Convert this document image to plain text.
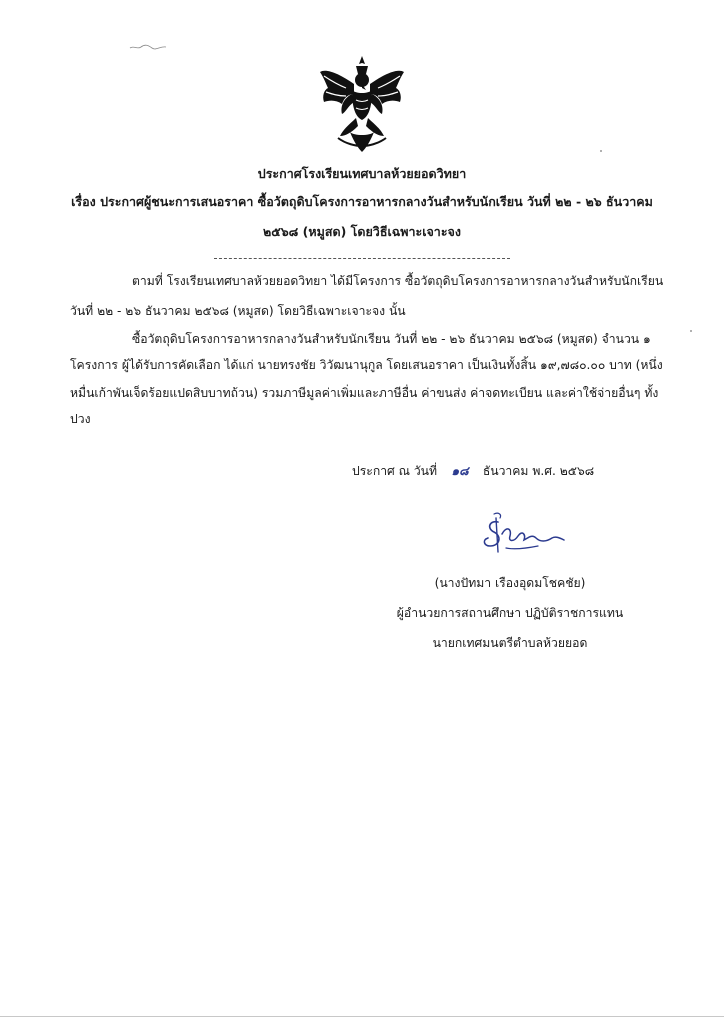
ประกาศโรงเรียนเทศบาลห้วยยอดวิทยา
เรื่อง ประกาศผู้ชนะการเสนอราคา ซื้อวัตถุดิบโครงการอาหารกลางวันสำหรับนักเรียน วันที่ ๒๒ - ๒๖ ธันวาคม
๒๕๖๘ (หมูสด) โดยวิธีเฉพาะเจาะจง
ตามที่ โรงเรียนเทศบาลห้วยยอดวิทยา ได้มีโครงการ ซื้อวัตถุดิบโครงการอาหารกลางวันสำหรับนักเรียน
วันที่ ๒๒ - ๒๖ ธันวาคม ๒๕๖๘ (หมูสด) โดยวิธีเฉพาะเจาะจง นั้น
ซื้อวัตถุดิบโครงการอาหารกลางวันสำหรับนักเรียน วันที่ ๒๒ - ๒๖ ธันวาคม ๒๕๖๘ (หมูสด) จำนวน ๑
โครงการ ผู้ได้รับการคัดเลือก ได้แก่ นายทรงชัย วิวัฒนานุกูล โดยเสนอราคา เป็นเงินทั้งสิ้น ๑๙,๗๘๐.๐๐ บาท (หนึ่ง
หมื่นเก้าพันเจ็ดร้อยแปดสิบบาทถ้วน) รวมภาษีมูลค่าเพิ่มและภาษีอื่น ค่าขนส่ง ค่าจดทะเบียน และค่าใช้จ่ายอื่นๆ ทั้ง
ปวง
ประกาศ ณ วันที่ ๑๘ ธันวาคม พ.ศ. ๒๕๖๘
(นางปัทมา เรืองอุดมโชคชัย)
ผู้อำนวยการสถานศึกษา ปฏิบัติราชการแทน
นายกเทศมนตรีตำบลห้วยยอด
